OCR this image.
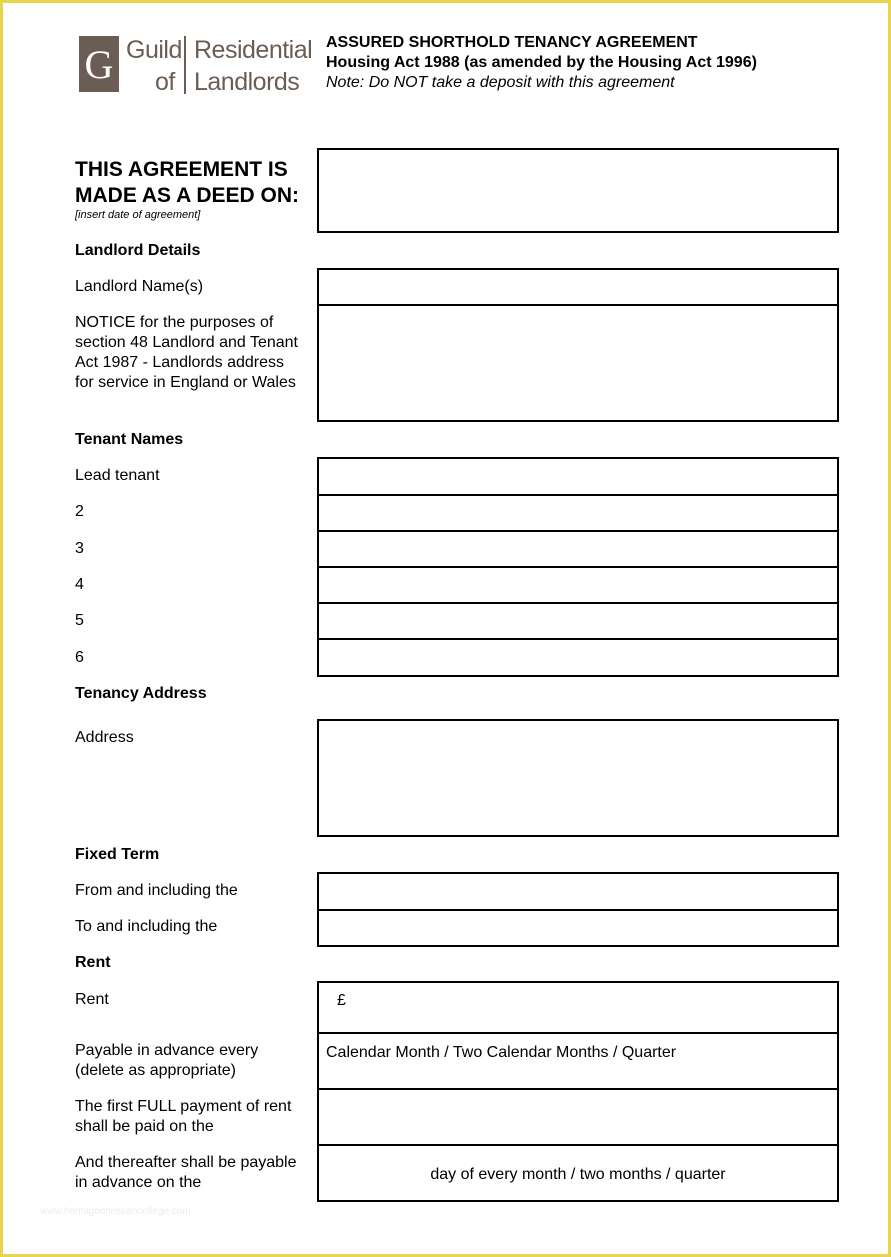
G Guild
of
Residential
Landlords
ASSURED SHORTHOLD TENANCY AGREEMENT
Housing Act 1988 (as amended by the Housing Act 1996)
Note: Do NOT take a deposit with this agreement
THIS AGREEMENT IS
MADE AS A DEED ON:
[insert date of agreement]
Landlord Details
Landlord Name(s)
NOTICE for the purposes of
section 48 Landlord and Tenant
Act 1987 - Landlords address
for service in England or Wales
Tenant Names
Lead tenant
2
3
4
5
6
Tenancy Address
Address
Fixed Term
From and including the
To and including the
Rent
Rent	£
Payable in advance every
(delete as appropriate)
Calendar Month / Two Calendar Months / Quarter
The first FULL payment of rent
shall be paid on the
And thereafter shall be payable
in advance on the	day of every month / two months / quarter
www.heritagechristiancollege.com
